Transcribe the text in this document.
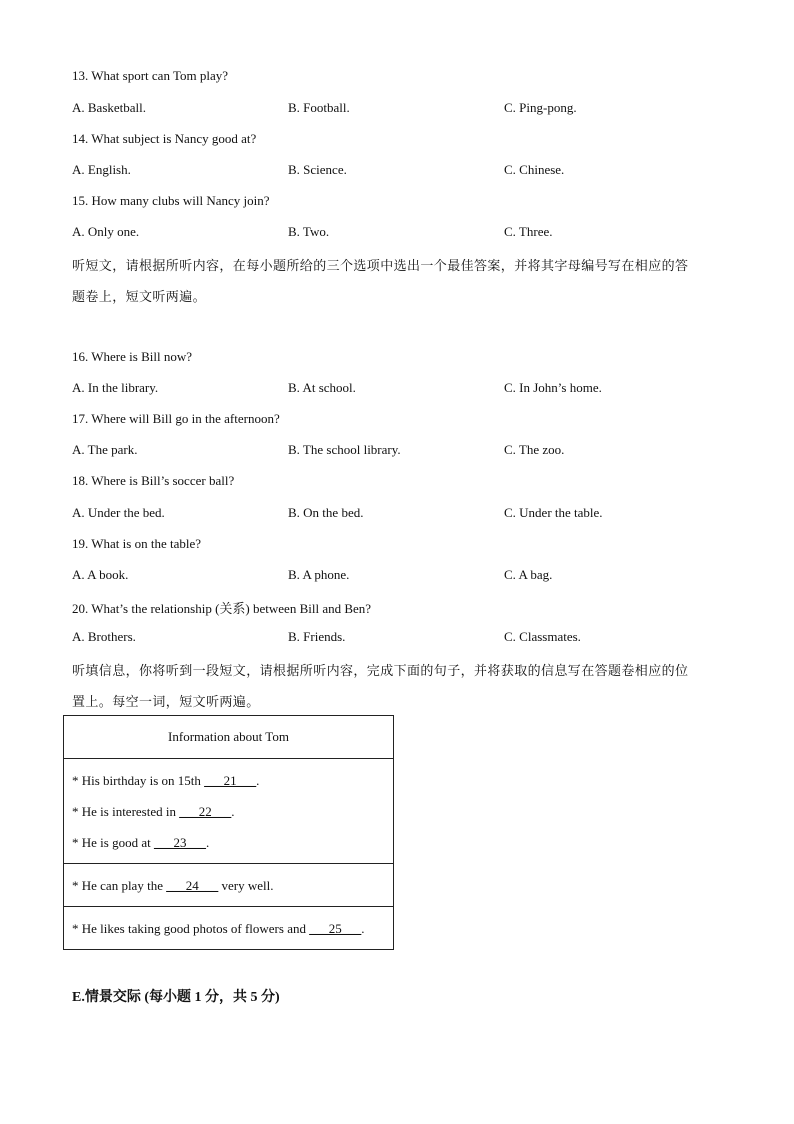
13. What sport can Tom play?
A. Basketball.	B. Football.	C. Ping-pong.
14. What subject is Nancy good at?
A. English.	B. Science.	C. Chinese.
15. How many clubs will Nancy join?
A. Only one.	B. Two.	C. Three.
听短文，请根据所听内容，在每小题所给的三个选项中选出一个最佳答案，并将其字母编号写在相应的答
题卷上，短文听两遍。
16. Where is Bill now?
A. In the library.	B. At school.	C. In John’s home.
17. Where will Bill go in the afternoon?
A. The park.	B. The school library.	C. The zoo.
18. Where is Bill’s soccer ball?
A. Under the bed.	B. On the bed.	C. Under the table.
19. What is on the table?
A. A book.	B. A phone.	C. A bag.
20. What’s the relationship (关系) between Bill and Ben?
A. Brothers.	B. Friends.	C. Classmates.
听填信息，你将听到一段短文，请根据所听内容，完成下面的句子，并将获取的信息写在答题卷相应的位
置上。每空一词，短文听两遍。
Information about Tom
* His birthday is on 15th ___21___.
* He is interested in ___22___.
* He is good at ___23___.
* He can play the ___24___ very well.
* He likes taking good photos of flowers and ___25___.
E.情景交际 (每小题 1 分，共 5 分)
